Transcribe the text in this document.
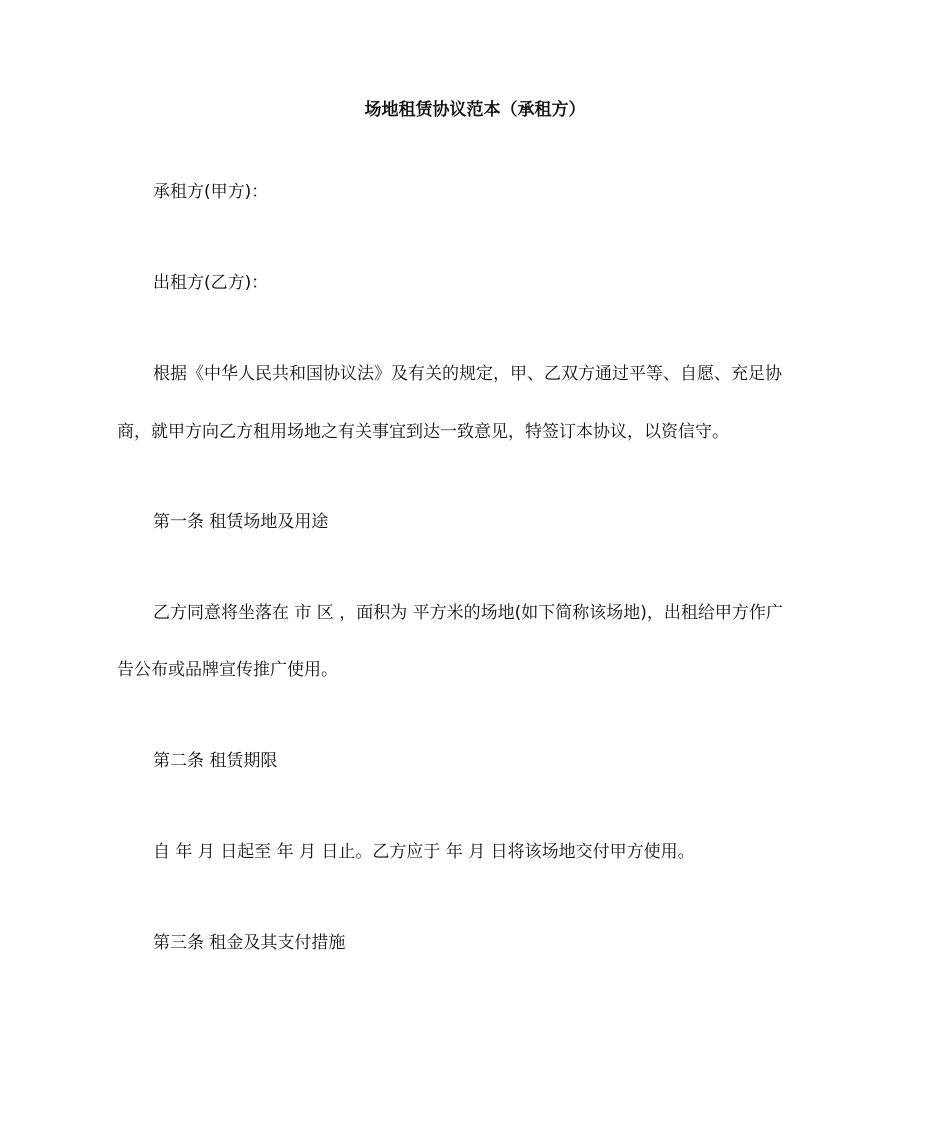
场地租赁协议范本（承租方）
承租方(甲方)：
出租方(乙方)：
根据《中华人民共和国协议法》及有关的规定，甲、乙双方通过平等、自愿、充足协
商，就甲方向乙方租用场地之有关事宜到达一致意见，特签订本协议，以资信守。
第一条 租赁场地及用途
乙方同意将坐落在 市 区 ，面积为 平方米的场地(如下简称该场地)，出租给甲方作广
告公布或品牌宣传推广使用。
第二条 租赁期限
自 年 月 日起至 年 月 日止。乙方应于 年 月 日将该场地交付甲方使用。
第三条 租金及其支付措施
